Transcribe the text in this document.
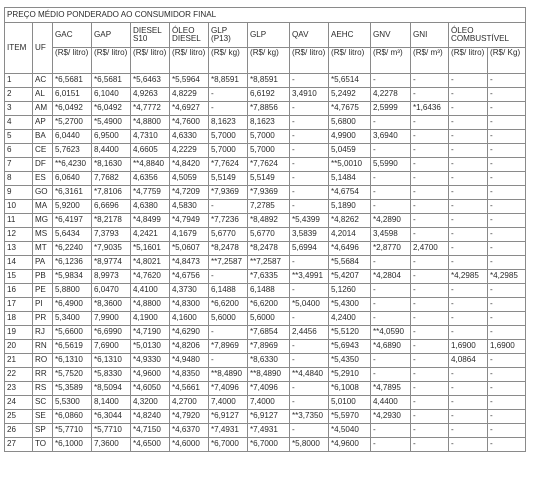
PREÇO MÉDIO PONDERADO AO CONSUMIDOR FINAL													
ITEM	UF	GAC	GAP	DIESEL S10	ÓLEO DIESEL	GLP (P13)	GLP	QAV	AEHC	GNV	GNI	ÓLEO COMBUSTÍVEL	
		(R$/ litro)	(R$/ litro)	(R$/ litro)	(R$/ litro)	(R$/ kg)	(R$/ kg)	(R$/ litro)	(R$/ litro)	(R$/ m³)	(R$/ m³)	(R$/ litro)	(R$/ Kg)
1	AC	*6,5681	*6,5681	*5,6463	*5,5964	*8,8591	*8,8591	-	*5,6514	-	-	-	-
2	AL	6,0151	6,1040	4,9263	4,8229	-	6,6192	3,4910	5,2492	4,2278	-	-	-
3	AM	*6,0492	*6,0492	*4,7772	*4,6927	-	*7,8856	-	*4,7675	2,5999	*1,6436	-	-
4	AP	*5,2700	*5,4900	*4,8800	*4,7600	8,1623	8,1623	-	5,6800	-	-	-	-
5	BA	6,0440	6,9500	4,7310	4,6330	5,7000	5,7000	-	4,9900	3,6940	-	-	-
6	CE	5,7623	8,4400	4,6605	4,2229	5,7000	5,7000	-	5,0459	-	-	-	-
7	DF	**6,4230	*8,1630	**4,8840	*4,8420	*7,7624	*7,7624	-	**5,0010	5,5990	-	-	-
8	ES	6,0640	7,7682	4,6356	4,5059	5,5149	5,5149	-	5,1484	-	-	-	-
9	GO	*6,3161	*7,8106	*4,7759	*4,7209	*7,9369	*7,9369	-	*4,6754	-	-	-	-
10	MA	5,9200	6,6696	4,6380	4,5830	-	7,2785	-	5,1890	-	-	-	-
11	MG	*6,4197	*8,2178	*4,8499	*4,7949	*7,7236	*8,4892	*5,4399	*4,8262	*4,2890	-	-	-
12	MS	5,6434	7,3793	4,2421	4,1679	5,6770	5,6770	3,5839	4,2014	3,4598	-	-	-
13	MT	*6,2240	*7,9035	*5,1601	*5,0607	*8,2478	*8,2478	5,6994	*4,6496	*2,8770	2,4700	-	-
14	PA	*6,1236	*8,9774	*4,8021	*4,8473	**7,2587	**7,2587	-	*5,5684	-	-	-	-
15	PB	*5,9834	8,9973	*4,7620	*4,6756	-	*7,6335	**3,4991	*5,4207	*4,2804	-	*4,2985	*4,2985
16	PE	5,8800	6,0470	4,4100	4,3730	6,1488	6,1488	-	5,1260	-	-	-	-
17	PI	*6,4900	*8,3600	*4,8800	*4,8300	*6,6200	*6,6200	*5,0400	*5,4300	-	-	-	-
18	PR	5,3400	7,9900	4,1900	4,1600	5,6000	5,6000	-	4,2400	-	-	-	-
19	RJ	*5,6600	*6,6990	*4,7190	*4,6290	-	*7,6854	2,4456	*5,5120	**4,0590	-	-	-
20	RN	*6,5619	7,6900	*5,0130	*4,8206	*7,8969	*7,8969	-	*5,6943	*4,6890	-	1,6900	1,6900
21	RO	*6,1310	*6,1310	*4,9330	*4,9480	-	*8,6330	-	*5,4350	-	-	4,0864	-
22	RR	*5,7520	*5,8330	*4,9600	*4,8350	**8,4890	**8,4890	**4,4840	*5,2910	-	-	-	-
23	RS	*5,3589	*8,5094	*4,6050	*4,5661	*7,4096	*7,4096	-	*6,1008	*4,7895	-	-	-
24	SC	5,5300	8,1400	4,3200	4,2700	7,4000	7,4000	-	5,0100	4,4400	-	-	-
25	SE	*6,0860	*6,3044	*4,8240	*4,7920	*6,9127	*6,9127	**3,7350	*5,5970	*4,2930	-	-	-
26	SP	*5,7710	*5,7710	*4,7150	*4,6370	*7,4931	*7,4931	-	*4,5040	-	-	-	-
27	TO	*6,1000	7,3600	*4,6500	*4,6000	*6,7000	*6,7000	*5,8000	*4,9600	-	-	-	-
